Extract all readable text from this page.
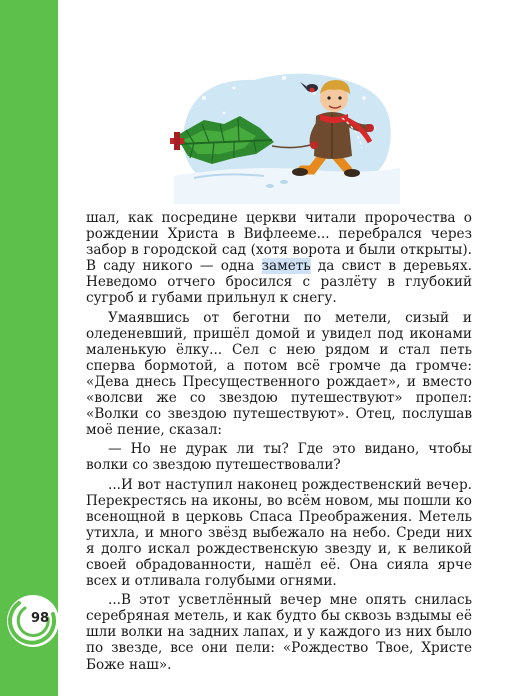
98

шал, как посредине церкви читали пророчества о рождении Христа в Вифлееме... перебрался через забор в городской сад (хотя ворота и были открыты). В саду никого — одна заметь да свист в деревьях. Неведомо отчего бросился с разлёту в глубокий сугроб и губами прильнул к снегу.

Умаявшись от беготни по метели, сизый и оледеневший, пришёл домой и увидел под иконами маленькую ёлку... Сел с нею рядом и стал петь сперва бормотой, а потом всё громче да громче: «Дева днесь Пресущественного рождает», и вместо «волсви же со звездою путешествуют» пропел: «Волки со звездою путешествуют». Отец, послушав моё пение, сказал:

— Но не дурак ли ты? Где это видано, чтобы волки со звездою путешествовали?

...И вот наступил наконец рождественский вечер. Перекрестясь на иконы, во всём новом, мы пошли ко всенощной в церковь Спаса Преображения. Метель утихла, и много звёзд выбежало на небо. Среди них я долго искал рождественскую звезду и, к великой своей обрадованности, нашёл её. Она сияла ярче всех и отливала голубыми огнями.

...В этот усветлённый вечер мне опять снилась серебряная метель, и как будто бы сквозь вздымы её шли волки на задних лапах, и у каждого из них было по звезде, все они пели: «Рождество Твое, Христе Боже наш».
